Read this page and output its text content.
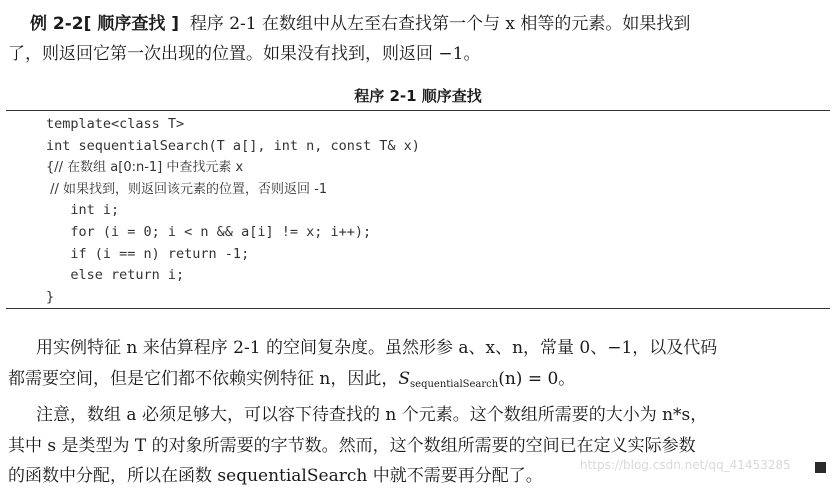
例 2-2[ 顺序查找 ] 程序 2-1 在数组中从左至右查找第一个与 x 相等的元素。如果找到
了，则返回它第一次出现的位置。如果没有找到，则返回 −1。
程序 2-1 顺序查找
template<class T>
int sequentialSearch(T a[], int n, const T& x)
{// 在数组 a[0:n-1] 中查找元素 x
// 如果找到，则返回该元素的位置，否则返回 -1
int i;
for (i = 0; i < n && a[i] != x; i++);
if (i == n) return -1;
else return i;
}
用实例特征 n 来估算程序 2-1 的空间复杂度。虽然形参 a、x、n，常量 0、−1，以及代码
都需要空间，但是它们都不依赖实例特征 n，因此，$S_{sequentialSearch}(n) = 0$。
注意，数组 a 必须足够大，可以容下待查找的 n 个元素。这个数组所需要的大小为 n*s，
其中 s 是类型为 T 的对象所需要的字节数。然而，这个数组所需要的空间已在定义实际参数
的函数中分配，所以在函数 sequentialSearch 中就不需要再分配了。
https://blog.csdn.net/qq_41453285
